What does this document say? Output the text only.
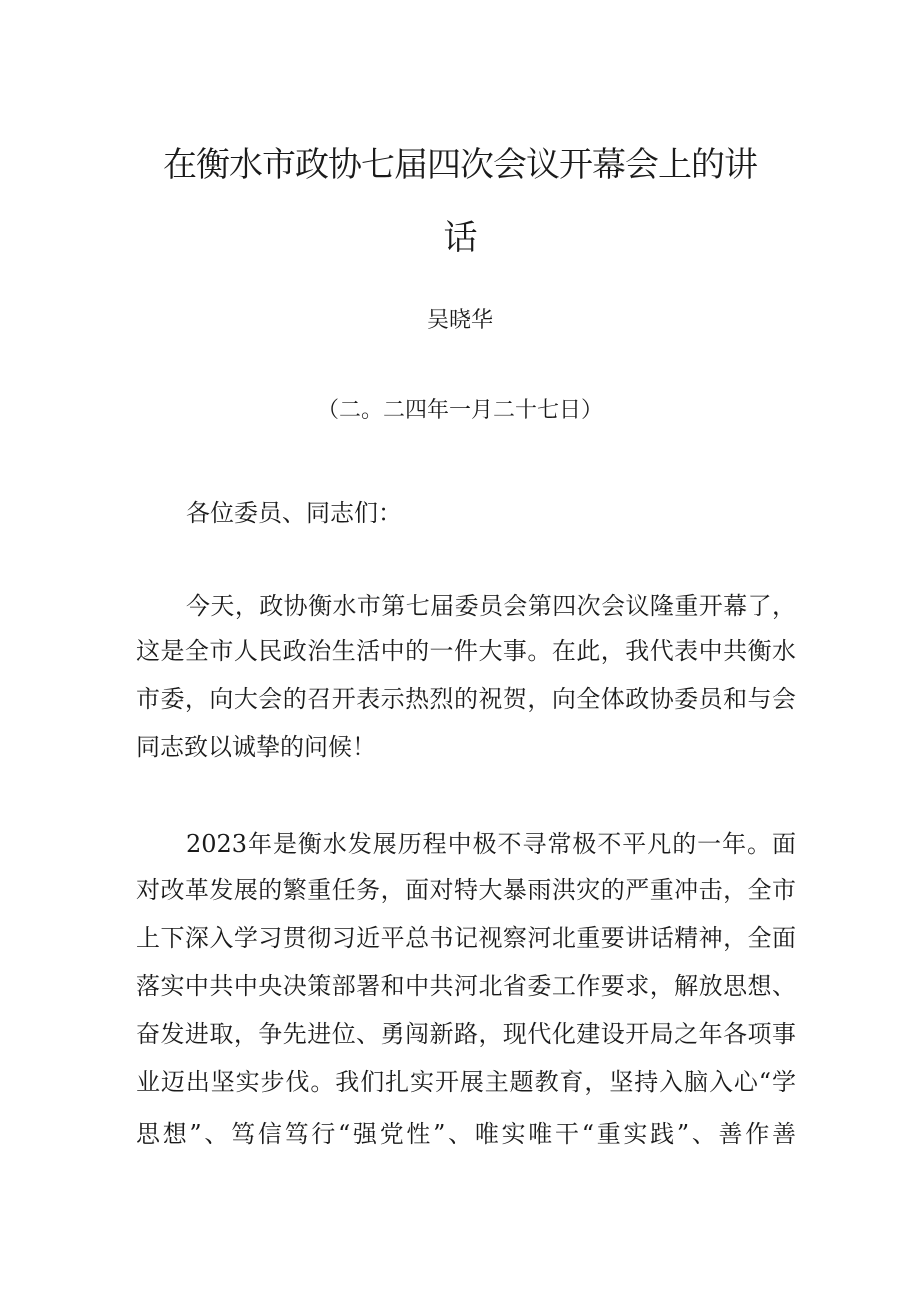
在衡水市政协七届四次会议开幕会上的讲
话
吴晓华
（二。二四年一月二十七日）
各位委员、同志们：
今天，政协衡水市第七届委员会第四次会议隆重开幕了，
这是全市人民政治生活中的一件大事。在此，我代表中共衡水
市委，向大会的召开表示热烈的祝贺，向全体政协委员和与会
同志致以诚挚的问候！
2023年是衡水发展历程中极不寻常极不平凡的一年。面
对改革发展的繁重任务，面对特大暴雨洪灾的严重冲击，全市
上下深入学习贯彻习近平总书记视察河北重要讲话精神，全面
落实中共中央决策部署和中共河北省委工作要求，解放思想、
奋发进取，争先进位、勇闯新路，现代化建设开局之年各项事
业迈出坚实步伐。我们扎实开展主题教育，坚持入脑入心“学
思想”、笃信笃行“强党性”、唯实唯干“重实践”、善作善
